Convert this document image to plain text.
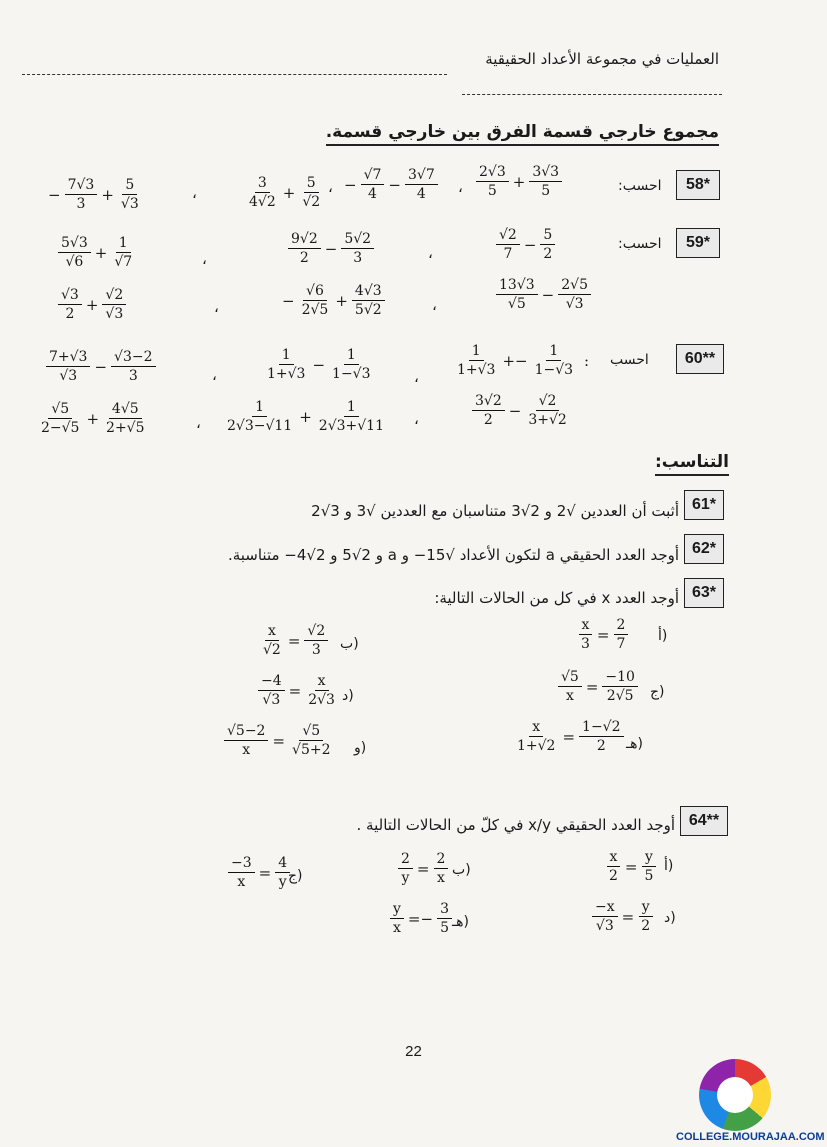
العمليات في مجموعة الأعداد الحقيقية
مجموع خارجي قسمة الفرق بين خارجي قسمة.
58*
احسب:
$\frac{2√3}{5} + \frac{3√3}{5}$
،
− $\frac{√7}{4} - \frac{3√7}{4}$
،
$\frac{3}{4√2} + \frac{5}{√2}$
،
− $\frac{7√3}{3} + \frac{5}{√3}$
59*
احسب:
$\frac{√2}{7} - \frac{5}{2}$
،
$\frac{9√2}{2} - \frac{5√2}{3}$
،
$\frac{5√3}{√6} + \frac{1}{√7}$
$\frac{13√3}{√5} - \frac{2√5}{√3}$
،
− $\frac{√6}{2√5} + \frac{4√3}{5√2}$
،
$\frac{√3}{2} + \frac{√2}{√3}$
60**
احسب
:
$\frac{1}{1+√3} +- \frac{1}{1-√3}$
،
$\frac{1}{1+√3} - \frac{1}{1-√3}$
،
$\frac{7+√3}{√3} - \frac{√3-2}{3}$
$\frac{3√2}{2} - \frac{√2}{3+√2}$
،
$\frac{1}{2√3-√11} + \frac{1}{2√3+√11}$
،
$\frac{√5}{2-√5} + \frac{4√5}{2+√5}$
التناسب:
61*
أثبت أن العددين √2 و 2√3 متناسبان مع العددين √3 و 3√2
62*
أوجد العدد الحقيقي a لتكون الأعداد √15− و a و 2√5 و 2√4− متناسبة.
63*
أوجد العدد x في كل من الحالات التالية:
أ)
$\frac{x}{3} = \frac{2}{7}$
ب)
$\frac{x}{√2} = \frac{√2}{3}$
ج)
$\frac{√5}{x} = \frac{-10}{2√5}$
د)
$\frac{-4}{√3} = \frac{x}{2√3}$
هـ)
$\frac{x}{1+√2} = \frac{1-√2}{2}$
و)
$\frac{√5-2}{x} = \frac{√5}{√5+2}$
64**
أوجد العدد الحقيقي x/y في كلّ من الحالات التالية .
أ)
$\frac{x}{2} = \frac{y}{5}$
ب)
$\frac{2}{y} = \frac{2}{x}$
ج)
$\frac{-3}{x} = \frac{4}{y}$
د)
$\frac{-x}{√3} = \frac{y}{2}$
هـ)
$\frac{y}{x} =- \frac{3}{5}$
22
COLLEGE.MOURAJAA.COM
